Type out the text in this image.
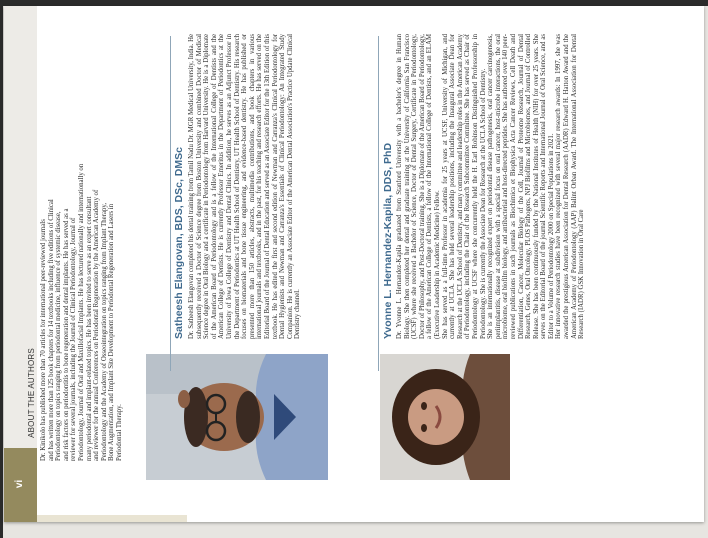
vi
ABOUT THE AUTHORS Dr. Kinikolo has published more than 70 articles for international peer-reviewed journals and has written more than 125 book chapters for 14 textbooks including five editions of Clinical Periodontology on topics ranging from periodontal medicine, influence of systemic disease, and risk factors on periodontitis to bone regeneration and dental implants. He has served as a reviewer for several journals, including the Journal of Clinical Periodontology, Journal of Periodontology, Journal of Oral and Maxillofacial Implants. He has lectured nationally and internationally on many periodontal and implant-related topics. He has been invited to serve as an expert consultant and reviewer for the annual Conferences on Periodontal Regeneration by the American Academy of Periodontology and the Academy of Osseointegration on topics ranging from Implant Therapy, Bone Augmentation, and Implant Site Development to Periodontal Regeneration and Lasers in Periodontal Therapy.
Satheesh Elangovan, BDS, DSc, DMSc Dr. Satheesh Elangovan completed his dental training from Tamil Nadu Dr. MGR Medical University, India. He subsequently received a Doctor of Science degree from Boston University and combined Doctor of Medical Science degree in Oral Biology and a certificate in Periodontology from Harvard University. He is a Diplomate of the American Board of Periodontology and is a fellow of the International College of Dentists and the American College of Dentists. He is currently Professor Emeritus in the Department of Periodontics at the University of Iowa College of Dentistry and Dental Clinics. In addition, he serves as an Adjunct Professor in the Department of Periodontics at UT Health School of Dentistry, UT Health School of Dentistry. His research focuses on biomaterials and bone tissue engineering, and evidence-based dentistry. He has published or presented more than 150 articles, abstracts, multimedia contributions, and book chapters in various international journals and textbooks, and in the past, for his teaching and research efforts. He has served on the Editorial Board of the Journal of Dental Education and served as an Associate Editor for the 13th Edition of this textbook. He has edited the first and second edition of Newman and Carranza's Clinical Periodontology for Dental Hygienists and Newman and Carranza's Essentials of Clinical Periodontology: An Integrated Study Companion. He is currently an Associate Editor of the American Dental Association's Practice Update Clinical Dentistry channel.	Yvonne L. Hernandez-Kapila, DDS, PhD Dr. Yvonne L. Hernandez-Kapila graduated from Stanford University with a bachelor's degree in Human Biology. She then completed her dental and graduate training at the University of California San Francisco (UCSF) where she received a Bachelor of Science, Doctor of Dental Surgery, Certificate in Periodontology, Doctor of Philosophy, and Post-Doctoral training. She is a Diplomate of the American Board of Periodontology, a fellow of the American College of Dentists, a fellow of the International College of Dentists, and an ELAM (Executive Leadership in Academic Medicine) Fellow. She has served as a full-time Professor in academia for 25 years at UCSF, University of Michigan, and currently at UCLA. She has held several leadership positions, including the Inaugural Associate Dean for Research at the UCLA School of Dentistry, and many committee and leadership roles in the American Academy of Periodontology, including the Chair of the Research Subcommittee Committee. She has served as Chair of Periodontology at UCSF where she concurrently held the H. Earl Robinson Distinguished Professorship in Periodontology. She is currently the Associate Dean for Research at the UCLA School of Dentistry. She is an internationally recognized expert on periodontal disease pathogenesis, oral cancer carcinogenesis, periimplantitis, disease at subdivision with a special focus on oral cancer, host-microbe interactions, the oral microbiome, oral biofilm biology, and antibacterial and host-directed peptides. She has authored over 140 peer-reviewed publications in such journals as Biochimica et Biophysica Acta Cancer Reviews, Cell Death and Differentiation, Cancer, Molecular Biology of the Cell, Journal of Proteome Research, Journal of Dental Research, Genes, Oral Oncology, PLOS Pathogens, NPJ Biofilms and Microbiomes, and Journal of Controlled Release. She has been continuously funded by the National Institutes of Health (NIH) for over 25 years. She serves on the Editorial Board of the journal Scientific Reports and International Journal of Oral Science, and as Editor to a Volume of Periodontology 2000 on Special Populations in 2021. Her innovative research studies have been recognized with several major research awards: In 1997, she was awarded the prestigious American Association for Dental Research (AADR) Edward H. Hatton Award and the American Academy of Periodontology (AAP) Balint Orban Award. The International Association for Dental Research (IADR) GSK Innovation in Oral Care
